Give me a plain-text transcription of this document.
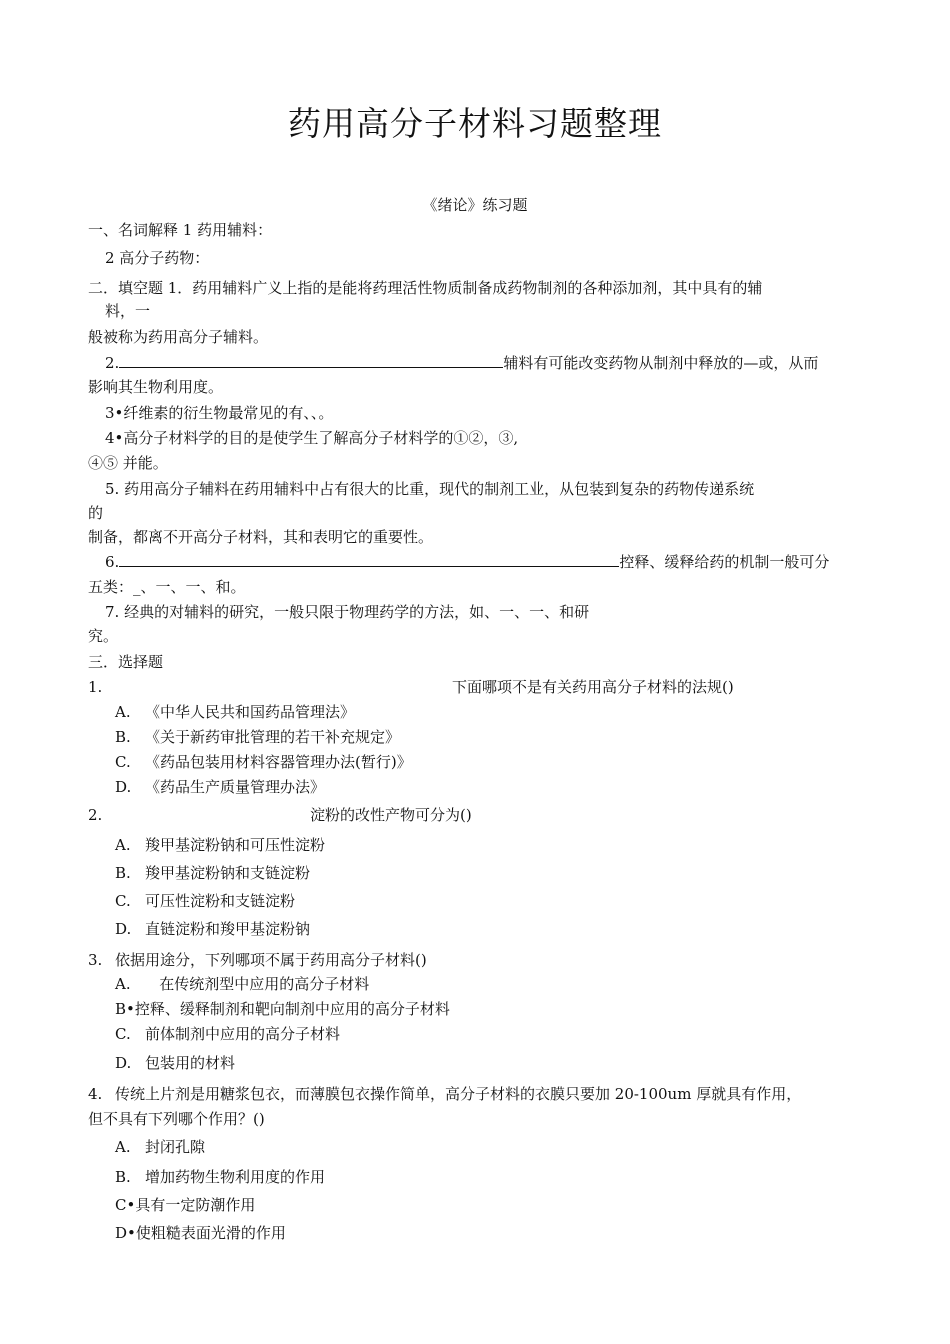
药用高分子材料习题整理
《绪论》练习题
一、名词解释 1 药用辅料：
2 高分子药物：
二．填空题 1．药用辅料广义上指的是能将药理活性物质制备成药物制剂的各种添加剂，其中具有的辅
料，一
般被称为药用高分子辅料。
2.	辅料有可能改变药物从制剂中释放的—或，从而
影响其生物利用度。
3•纤维素的衍生物最常见的有、、。
4•高分子材料学的目的是使学生了解高分子材料学的①②，③,
④⑤ 并能。
5. 药用高分子辅料在药用辅料中占有很大的比重，现代的制剂工业，从包装到复杂的药物传递系统
的
制备，都离不开高分子材料，其和表明它的重要性。
6.	控释、缓释给药的机制一般可分
五类：_、一、一、和。
7. 经典的对辅料的研究，一般只限于物理药学的方法，如、一、一、和研
究。
三．选择题
1.	下面哪项不是有关药用高分子材料的法规()
A. 《中华人民共和国药品管理法》
B. 《关于新药审批管理的若干补充规定》
C. 《药品包装用材料容器管理办法(暂行)》
D. 《药品生产质量管理办法》
2.	淀粉的改性产物可分为()
A. 羧甲基淀粉钠和可压性淀粉
B. 羧甲基淀粉钠和支链淀粉
C. 可压性淀粉和支链淀粉
D. 直链淀粉和羧甲基淀粉钠
3. 依据用途分，下列哪项不属于药用高分子材料()
A.   在传统剂型中应用的高分子材料
B•控释、缓释制剂和靶向制剂中应用的高分子材料
C. 前体制剂中应用的高分子材料
D. 包装用的材料
4. 传统上片剂是用糖浆包衣，而薄膜包衣操作简单，高分子材料的衣膜只要加 20-100um 厚就具有作用，
但不具有下列哪个作用？()
A. 封闭孔隙
B. 增加药物生物利用度的作用
C•具有一定防潮作用
D•使粗糙表面光滑的作用
